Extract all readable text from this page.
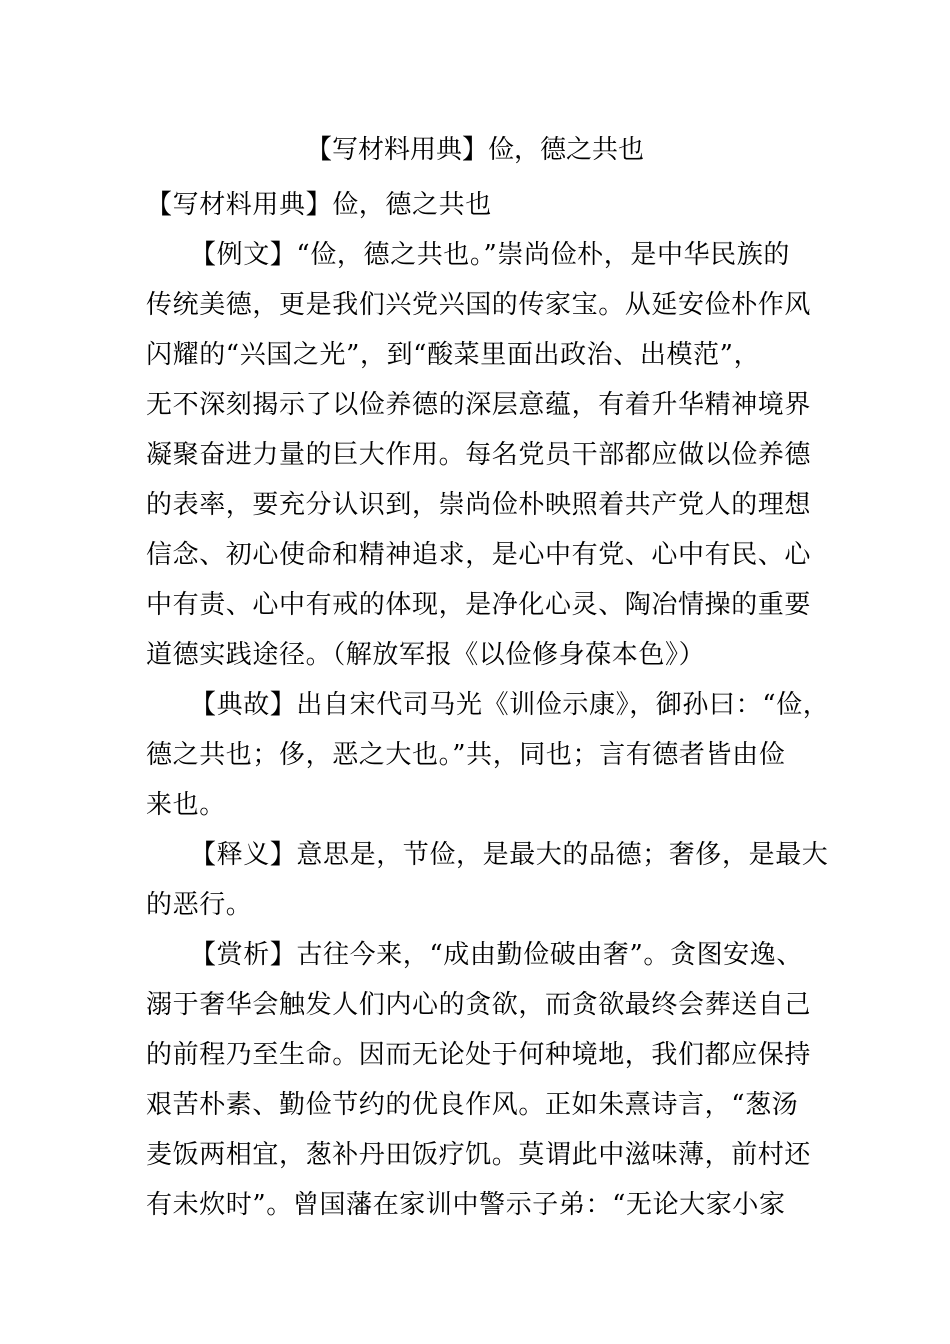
【写材料用典】俭，德之共也
【写材料用典】俭，德之共也
【例文】“俭，德之共也。”崇尚俭朴，是中华民族的
传统美德，更是我们兴党兴国的传家宝。从延安俭朴作风
闪耀的“兴国之光”，到“酸菜里面出政治、出模范”，
无不深刻揭示了以俭养德的深层意蕴，有着升华精神境界
凝聚奋进力量的巨大作用。每名党员干部都应做以俭养德
的表率，要充分认识到，崇尚俭朴映照着共产党人的理想
信念、初心使命和精神追求，是心中有党、心中有民、心
中有责、心中有戒的体现，是净化心灵、陶冶情操的重要
道德实践途径。（解放军报《以俭修身葆本色》）
【典故】出自宋代司马光《训俭示康》，御孙曰：“俭，
德之共也；侈，恶之大也。”共，同也；言有德者皆由俭
来也。
【释义】意思是，节俭，是最大的品德；奢侈，是最大
的恶行。
【赏析】古往今来，“成由勤俭破由奢”。贪图安逸、
溺于奢华会触发人们内心的贪欲，而贪欲最终会葬送自己
的前程乃至生命。因而无论处于何种境地，我们都应保持
艰苦朴素、勤俭节约的优良作风。正如朱熹诗言，“葱汤
麦饭两相宜，葱补丹田饭疗饥。莫谓此中滋味薄，前村还
有未炊时”。曾国藩在家训中警示子弟：“无论大家小家
